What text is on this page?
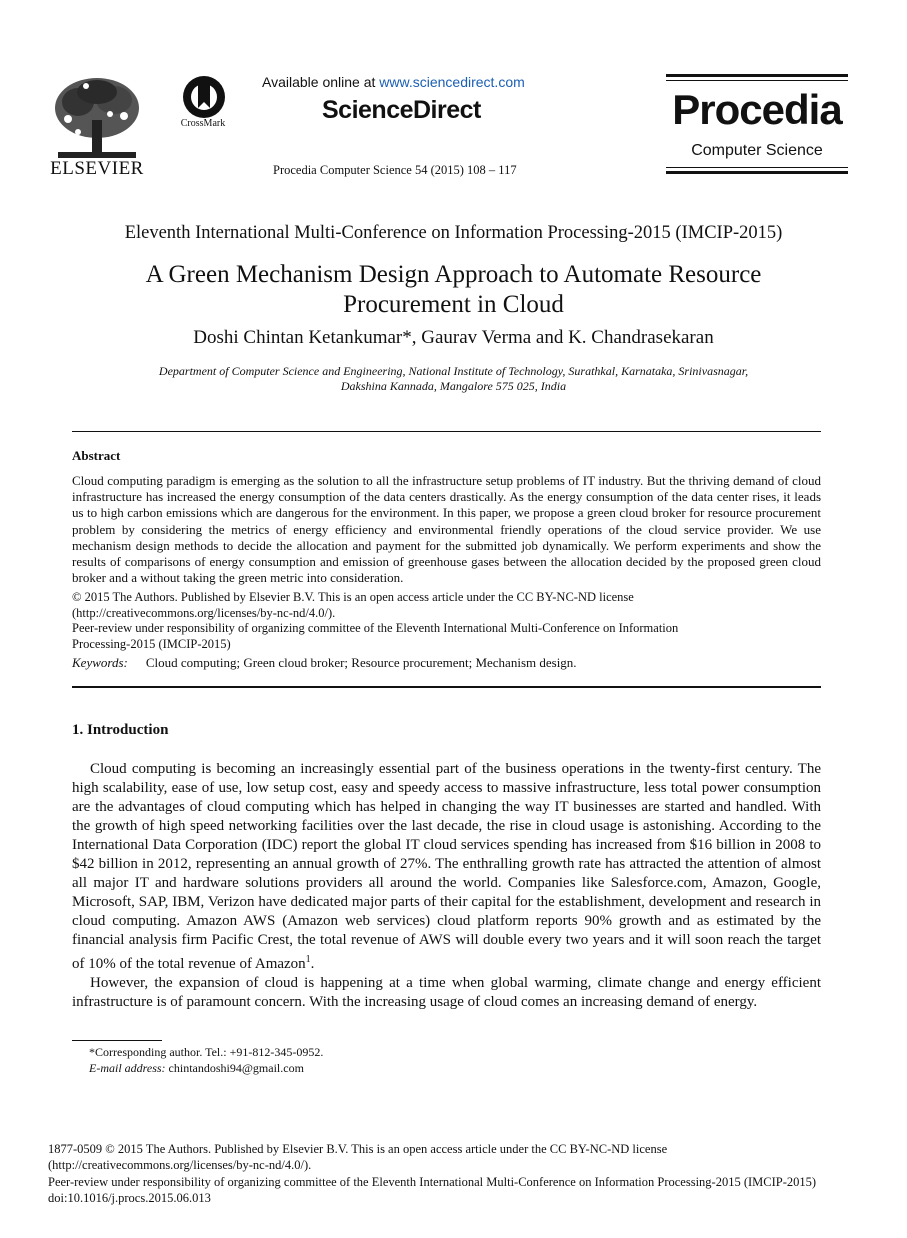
ELSEVIER
CrossMark
Available online at www.sciencedirect.com
ScienceDirect
Procedia Computer Science 54 (2015) 108 – 117
Procedia
Computer Science
Eleventh International Multi-Conference on Information Processing-2015 (IMCIP-2015)
A Green Mechanism Design Approach to Automate Resource
Procurement in Cloud
Doshi Chintan Ketankumar*, Gaurav Verma and K. Chandrasekaran
Department of Computer Science and Engineering, National Institute of Technology, Surathkal, Karnataka, Srinivasnagar,
Dakshina Kannada, Mangalore 575 025, India
Abstract
Cloud computing paradigm is emerging as the solution to all the infrastructure setup problems of IT industry. But the thriving demand of cloud infrastructure has increased the energy consumption of the data centers drastically. As the energy consumption of the data center rises, it leads us to high carbon emissions which are dangerous for the environment. In this paper, we propose a green cloud broker for resource procurement problem by considering the metrics of energy efficiency and environmental friendly operations of the cloud service provider. We use mechanism design methods to decide the allocation and payment for the submitted job dynamically. We perform experiments and show the results of comparisons of energy consumption and emission of greenhouse gases between the allocation decided by the proposed green cloud broker and a without taking the green metric into consideration.
© 2015 The Authors. Published by Elsevier B.V. This is an open access article under the CC BY-NC-ND license
(http://creativecommons.org/licenses/by-nc-nd/4.0/).
Peer-review under responsibility of organizing committee of the Eleventh International Multi-Conference on Information
Processing-2015 (IMCIP-2015)
Keywords: Cloud computing; Green cloud broker; Resource procurement; Mechanism design.
1. Introduction

Cloud computing is becoming an increasingly essential part of the business operations in the twenty-first century. The high scalability, ease of use, low setup cost, easy and speedy access to massive infrastructure, less total power consumption are the advantages of cloud computing which has helped in changing the way IT businesses are started and handled. With the growth of high speed networking facilities over the last decade, the rise in cloud usage is astonishing. According to the International Data Corporation (IDC) report the global IT cloud services spending has increased from $16 billion in 2008 to $42 billion in 2012, representing an annual growth of 27%. The enthralling growth rate has attracted the attention of almost all major IT and hardware solutions providers all around the world. Companies like Salesforce.com, Amazon, Google, Microsoft, SAP, IBM, Verizon have dedicated major parts of their capital for the establishment, development and research in cloud computing. Amazon AWS (Amazon web services) cloud platform reports 90% growth and as estimated by the financial analysis firm Pacific Crest, the total revenue of AWS will double every two years and it will soon reach the target of 10% of the total revenue of Amazon$^1$.

However, the expansion of cloud is happening at a time when global warming, climate change and energy efficient infrastructure is of paramount concern. With the increasing usage of cloud comes an increasing demand of energy.

*Corresponding author. Tel.: +91-812-345-0952.
E-mail address: chintandoshi94@gmail.com
1877-0509 © 2015 The Authors. Published by Elsevier B.V. This is an open access article under the CC BY-NC-ND license
(http://creativecommons.org/licenses/by-nc-nd/4.0/).
Peer-review under responsibility of organizing committee of the Eleventh International Multi-Conference on Information Processing-2015 (IMCIP-2015)
doi:10.1016/j.procs.2015.06.013
